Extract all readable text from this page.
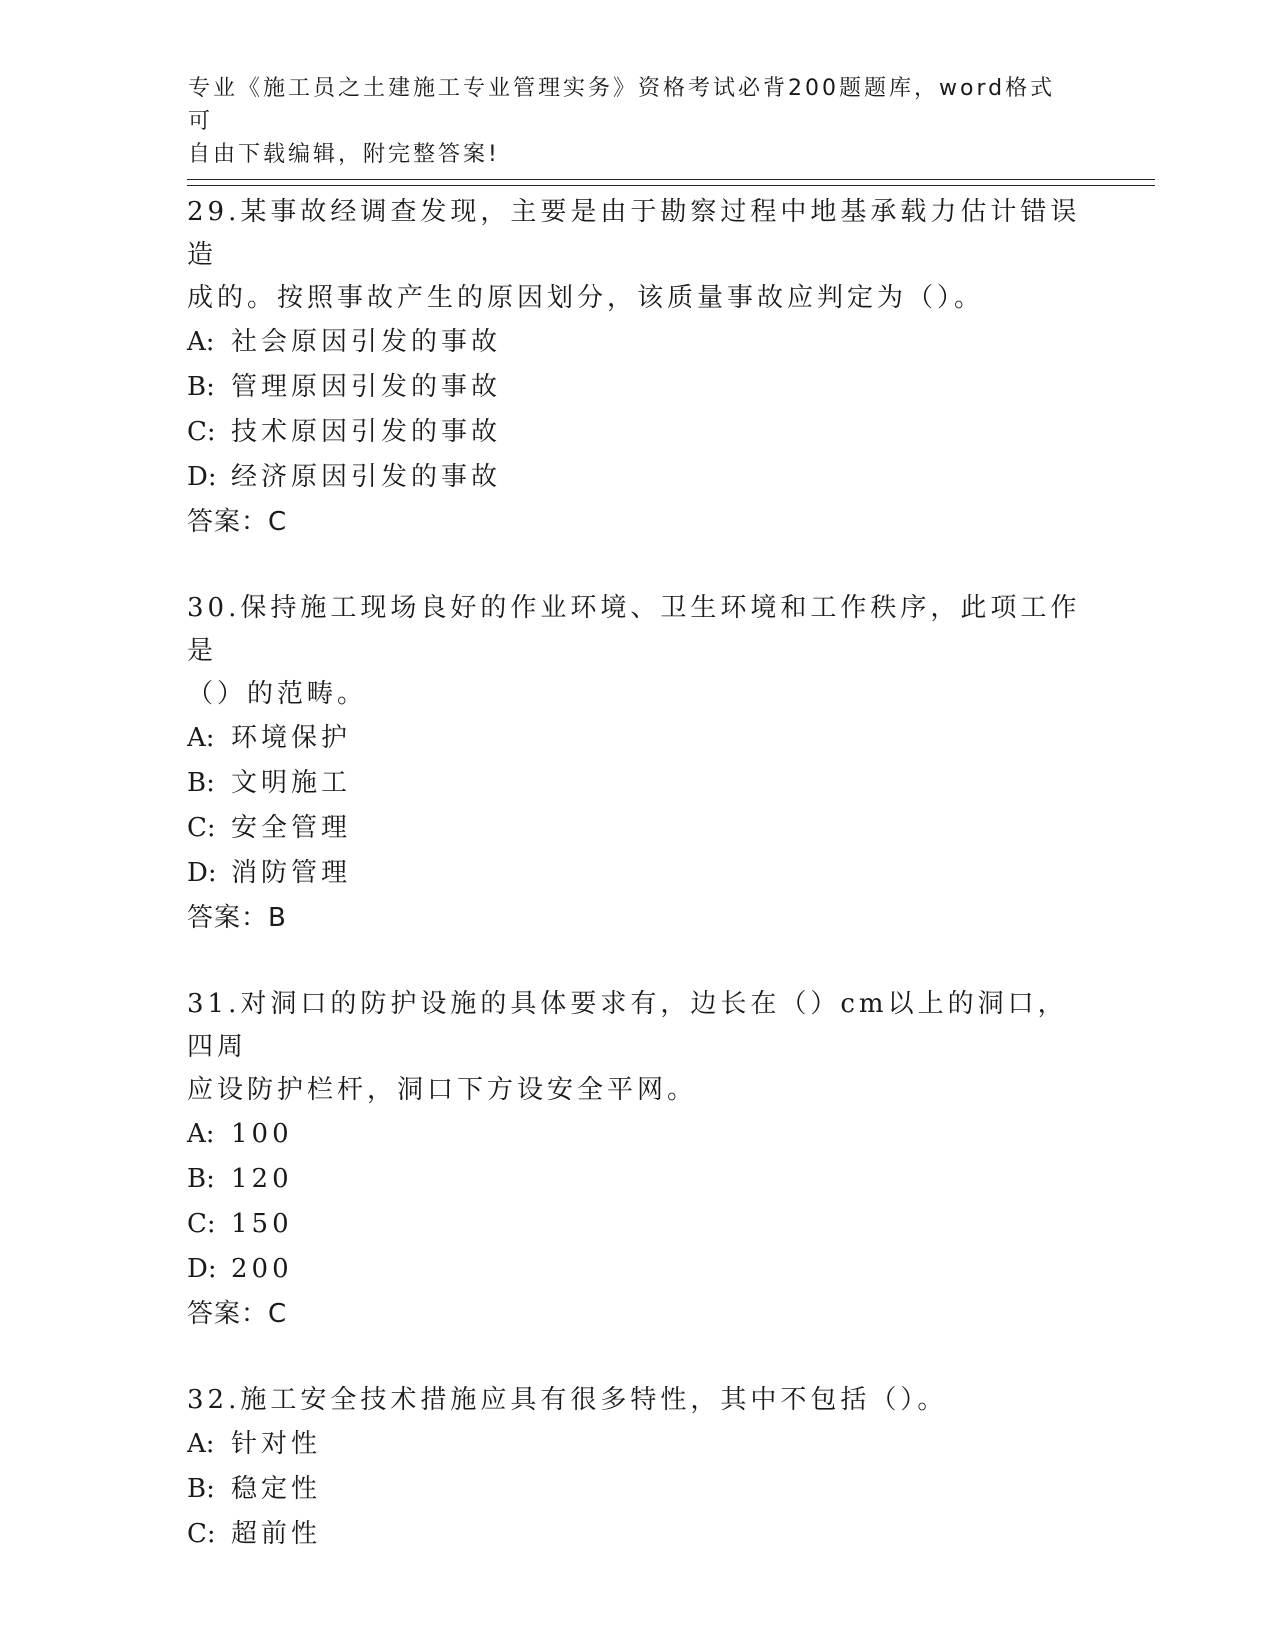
专业《施工员之土建施工专业管理实务》资格考试必背200题题库，word格式可
自由下载编辑，附完整答案!
29.某事故经调查发现，主要是由于勘察过程中地基承载力估计错误造
成的。按照事故产生的原因划分，该质量事故应判定为（）。
A: 社会原因引发的事故
B: 管理原因引发的事故
C: 技术原因引发的事故
D: 经济原因引发的事故
答案：C
30.保持施工现场良好的作业环境、卫生环境和工作秩序，此项工作是
（）的范畴。
A: 环境保护
B: 文明施工
C: 安全管理
D: 消防管理
答案：B
31.对洞口的防护设施的具体要求有，边长在（）cm以上的洞口，四周
应设防护栏杆，洞口下方设安全平网。
A: 100
B: 120
C: 150
D: 200
答案：C
32.施工安全技术措施应具有很多特性，其中不包括（）。
A: 针对性
B: 稳定性
C: 超前性
